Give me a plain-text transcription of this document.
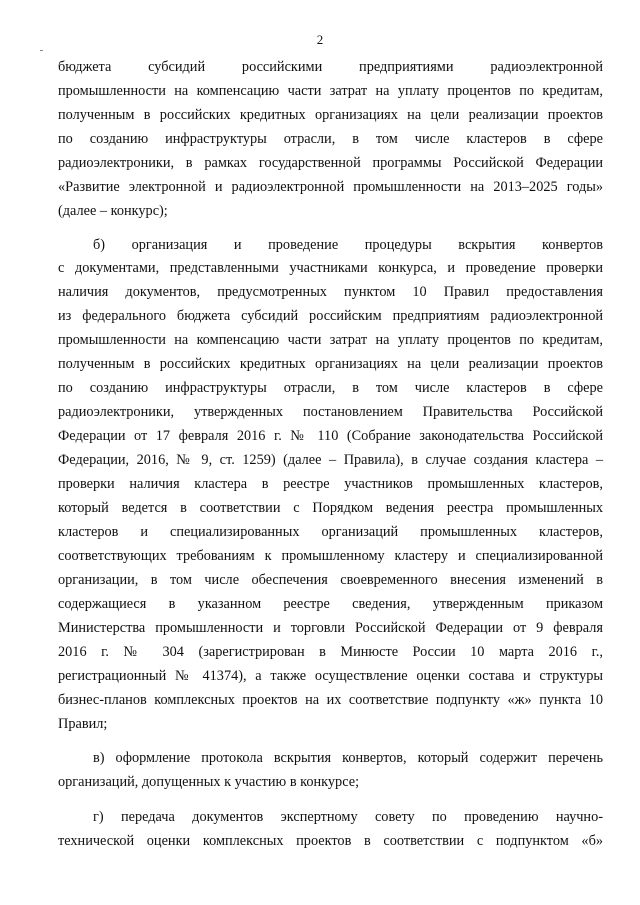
2
бюджета субсидий российскими предприятиями радиоэлектронной
промышленности на компенсацию части затрат на уплату процентов по кредитам,
полученным в российских кредитных организациях на цели реализации проектов
по созданию инфраструктуры отрасли, в том числе кластеров в сфере
радиоэлектроники, в рамках государственной программы Российской Федерации
«Развитие электронной и радиоэлектронной промышленности на 2013–2025 годы»
(далее – конкурс);
б) организация и проведение процедуры вскрытия конвертов
с документами, представленными участниками конкурса, и проведение проверки
наличия документов, предусмотренных пунктом 10 Правил предоставления
из федерального бюджета субсидий российским предприятиям радиоэлектронной
промышленности на компенсацию части затрат на уплату процентов по кредитам,
полученным в российских кредитных организациях на цели реализации проектов
по созданию инфраструктуры отрасли, в том числе кластеров в сфере
радиоэлектроники, утвержденных постановлением Правительства Российской
Федерации от 17 февраля 2016 г. № 110 (Собрание законодательства Российской
Федерации, 2016, № 9, ст. 1259) (далее – Правила), в случае создания кластера –
проверки наличия кластера в реестре участников промышленных кластеров,
который ведется в соответствии с Порядком ведения реестра промышленных
кластеров и специализированных организаций промышленных кластеров,
соответствующих требованиям к промышленному кластеру и специализированной
организации, в том числе обеспечения своевременного внесения изменений в
содержащиеся в указанном реестре сведения, утвержденным приказом
Министерства промышленности и торговли Российской Федерации от 9 февраля
2016 г. № 304 (зарегистрирован в Минюсте России 10 марта 2016 г.,
регистрационный № 41374), а также осуществление оценки состава и структуры
бизнес-планов комплексных проектов на их соответствие подпункту «ж» пункта 10
Правил;
в) оформление протокола вскрытия конвертов, который содержит перечень
организаций, допущенных к участию в конкурсе;
г) передача документов экспертному совету по проведению научно-
технической оценки комплексных проектов в соответствии с подпунктом «б»
